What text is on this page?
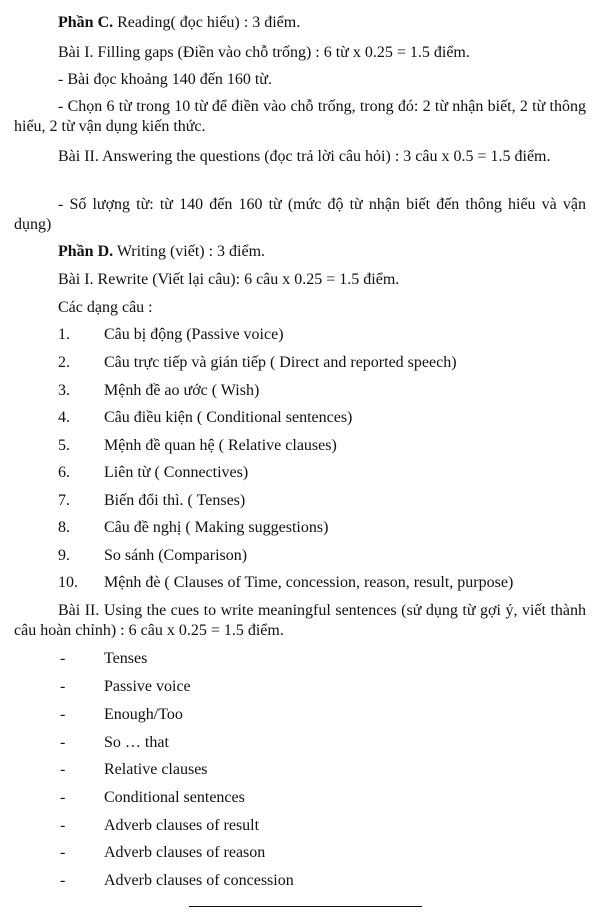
Phần C. Reading( đọc hiểu) : 3 điểm.
Bài I. Filling gaps (Điền vào chỗ trống) : 6 từ x 0.25 = 1.5 điểm.
- Bài đọc khoảng 140 đến 160 từ.
- Chọn 6 từ trong 10 từ để điền vào chỗ trống, trong đó: 2 từ nhận biết, 2 từ thông hiểu, 2 từ vận dụng kiến thức.
Bài II. Answering the questions (đọc trả lời câu hỏi) : 3 câu x 0.5 = 1.5 điểm.
- Số lượng từ: từ 140 đến 160 từ (mức độ từ nhận biết đến thông hiểu và vận dụng)
Phần D. Writing (viết) : 3 điểm.
Bài I. Rewrite (Viết lại câu): 6 câu x 0.25 = 1.5 điểm.
Các dạng câu :
1. Câu bị động (Passive voice)
2. Câu trực tiếp và gián tiếp ( Direct and reported speech)
3. Mệnh đề ao ước ( Wish)
4. Câu điều kiện ( Conditional sentences)
5. Mệnh đề quan hệ ( Relative clauses)
6. Liên từ ( Connectives)
7. Biến đổi thì. ( Tenses)
8. Câu đề nghị ( Making suggestions)
9. So sánh (Comparison)
10. Mệnh đè ( Clauses of Time, concession, reason, result, purpose)
Bài II. Using the cues to write meaningful sentences (sử dụng từ gợi ý, viết thành câu hoàn chỉnh) : 6 câu x 0.25 = 1.5 điểm.
- Tenses
- Passive voice
- Enough/Too
- So … that
- Relative clauses
- Conditional sentences
- Adverb clauses of result
- Adverb clauses of reason
- Adverb clauses of concession
